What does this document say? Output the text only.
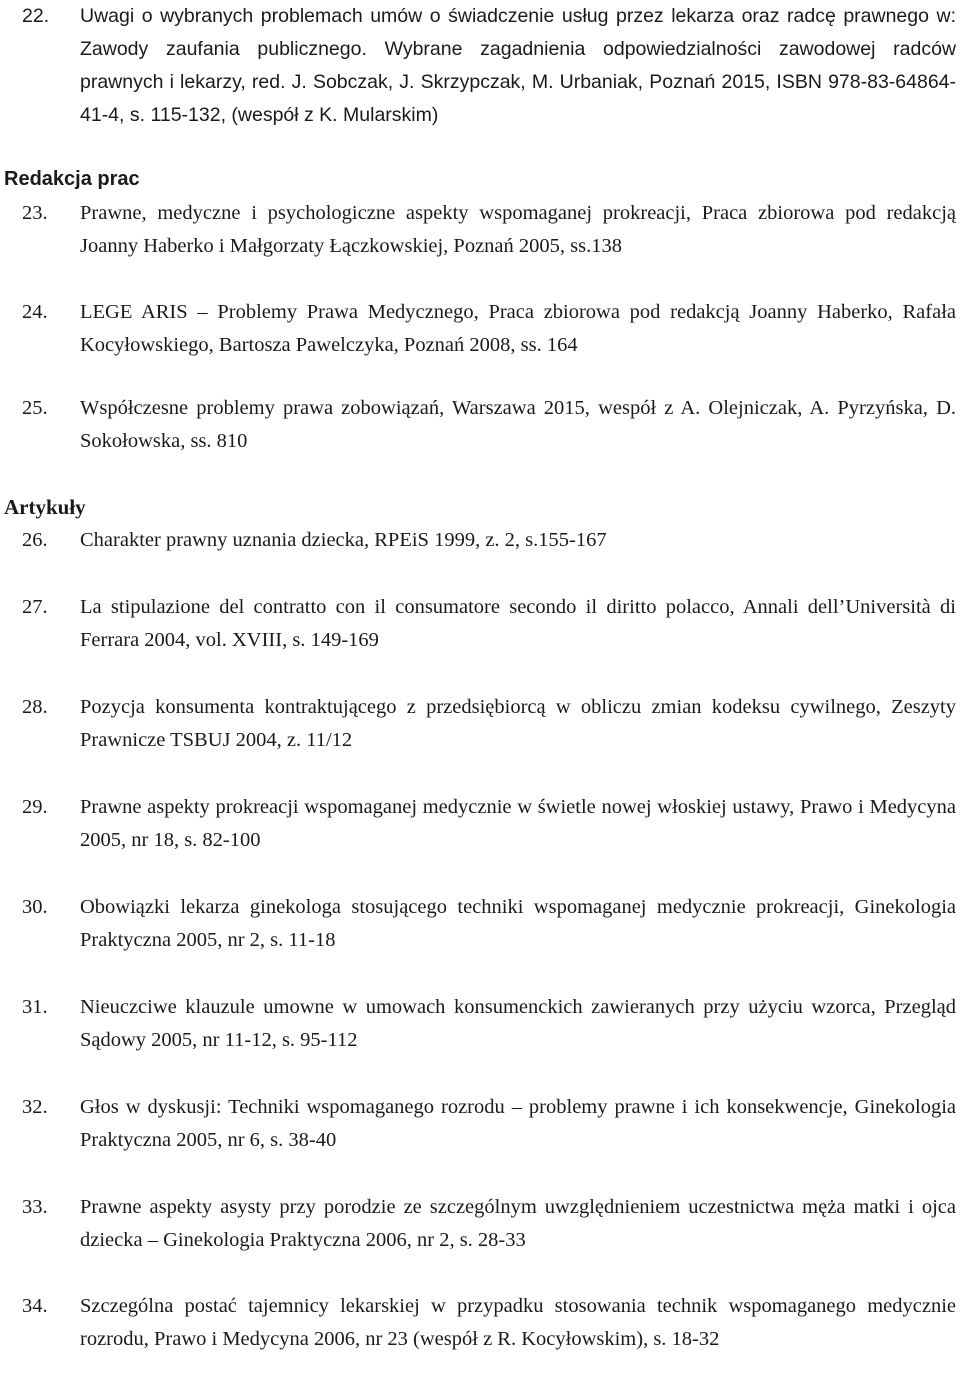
22. Uwagi o wybranych problemach umów o świadczenie usług przez lekarza oraz radcę prawnego w: Zawody zaufania publicznego. Wybrane zagadnienia odpowiedzialności zawodowej radców prawnych i lekarzy, red. J. Sobczak, J. Skrzypczak, M. Urbaniak, Poznań 2015, ISBN 978-83-64864-41-4, s. 115-132, (wespół z K. Mularskim)
Redakcja prac
23. Prawne, medyczne i psychologiczne aspekty wspomaganej prokreacji, Praca zbiorowa pod redakcją Joanny Haberko i Małgorzaty Łączkowskiej, Poznań 2005, ss.138
24. LEGE ARIS – Problemy Prawa Medycznego, Praca zbiorowa pod redakcją Joanny Haberko, Rafała Kocyłowskiego, Bartosza Pawelczyka, Poznań 2008, ss. 164
25. Współczesne problemy prawa zobowiązań, Warszawa 2015, wespół z A. Olejniczak, A. Pyrzyńska, D. Sokołowska, ss. 810
Artykuły
26. Charakter prawny uznania dziecka, RPEiS 1999, z. 2, s.155-167
27. La stipulazione del contratto con il consumatore secondo il diritto polacco, Annali dell’Università di Ferrara 2004, vol. XVIII, s. 149-169
28. Pozycja konsumenta kontraktującego z przedsiębiorcą w obliczu zmian kodeksu cywilnego, Zeszyty Prawnicze TSBUJ 2004, z. 11/12
29. Prawne aspekty prokreacji wspomaganej medycznie w świetle nowej włoskiej ustawy, Prawo i Medycyna 2005, nr 18, s. 82-100
30. Obowiązki lekarza ginekologa stosującego techniki wspomaganej medycznie prokreacji, Ginekologia Praktyczna 2005, nr 2, s. 11-18
31. Nieuczciwe klauzule umowne w umowach konsumenckich zawieranych przy użyciu wzorca, Przegląd Sądowy 2005, nr 11-12, s. 95-112
32. Głos w dyskusji: Techniki wspomaganego rozrodu – problemy prawne i ich konsekwencje, Ginekologia Praktyczna 2005, nr 6, s. 38-40
33. Prawne aspekty asysty przy porodzie ze szczególnym uwzględnieniem uczestnictwa męża matki i ojca dziecka – Ginekologia Praktyczna 2006, nr 2, s. 28-33
34. Szczególna postać tajemnicy lekarskiej w przypadku stosowania technik wspomaganego medycznie rozrodu, Prawo i Medycyna 2006, nr 23 (wespół z R. Kocyłowskim), s. 18-32
